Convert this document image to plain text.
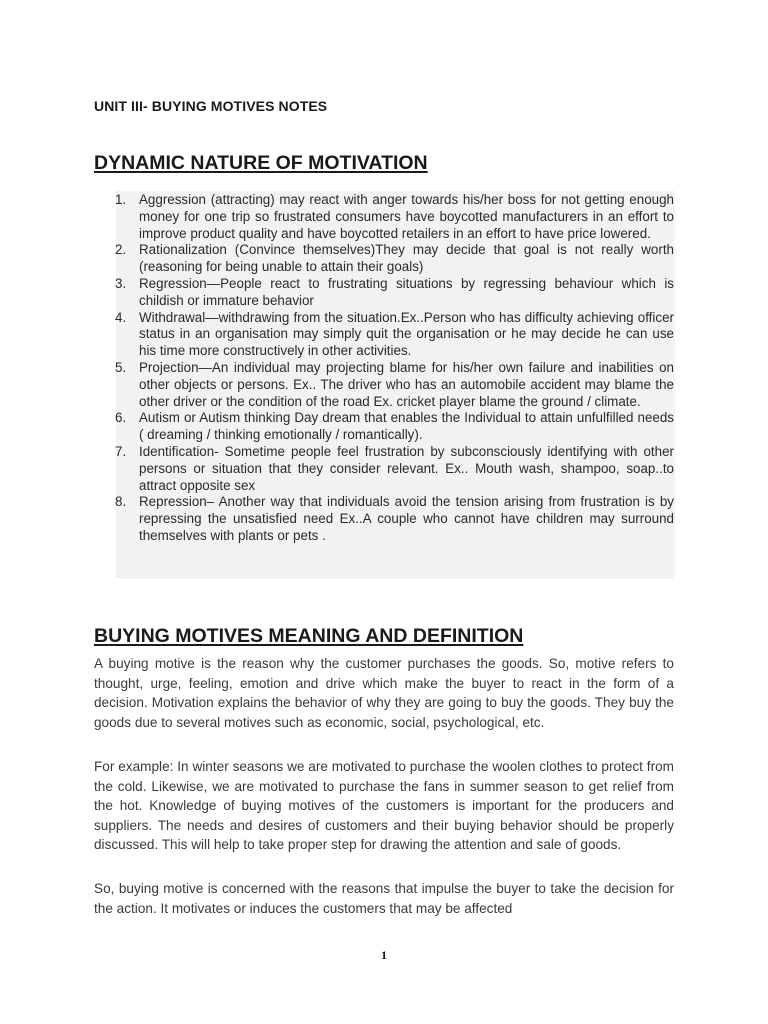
UNIT III- BUYING MOTIVES NOTES
DYNAMIC NATURE OF MOTIVATION
1. Aggression (attracting) may react with anger towards his/her boss for not getting enough money for one trip so frustrated consumers have boycotted manufacturers in an effort to improve product quality and have boycotted retailers in an effort to have price lowered.
2. Rationalization (Convince themselves)They may decide that goal is not really worth (reasoning for being unable to attain their goals)
3. Regression—People react to frustrating situations by regressing behaviour which is childish or immature behavior
4. Withdrawal—withdrawing from the situation.Ex..Person who has difficulty achieving officer status in an organisation may simply quit the organisation or he may decide he can use his time more constructively in other activities.
5. Projection—An individual may projecting blame for his/her own failure and inabilities on other objects or persons. Ex.. The driver who has an automobile accident may blame the other driver or the condition of the road Ex. cricket player blame the ground / climate.
6. Autism or Autism thinking Day dream that enables the Individual to attain unfulfilled needs ( dreaming / thinking emotionally / romantically).
7. Identification- Sometime people feel frustration by subconsciously identifying with other persons or situation that they consider relevant. Ex.. Mouth wash, shampoo, soap..to attract opposite sex
8. Repression– Another way that individuals avoid the tension arising from frustration is by repressing the unsatisfied need Ex..A couple who cannot have children may surround themselves with plants or pets .
BUYING MOTIVES MEANING AND DEFINITION

A buying motive is the reason why the customer purchases the goods. So, motive refers to thought, urge, feeling, emotion and drive which make the buyer to react in the form of a decision. Motivation explains the behavior of why they are going to buy the goods. They buy the goods due to several motives such as economic, social, psychological, etc.

For example: In winter seasons we are motivated to purchase the woolen clothes to protect from the cold. Likewise, we are motivated to purchase the fans in summer season to get relief from the hot. Knowledge of buying motives of the customers is important for the producers and suppliers. The needs and desires of customers and their buying behavior should be properly discussed. This will help to take proper step for drawing the attention and sale of goods.

So, buying motive is concerned with the reasons that impulse the buyer to take the decision for the action. It motivates or induces the customers that may be affected

1
